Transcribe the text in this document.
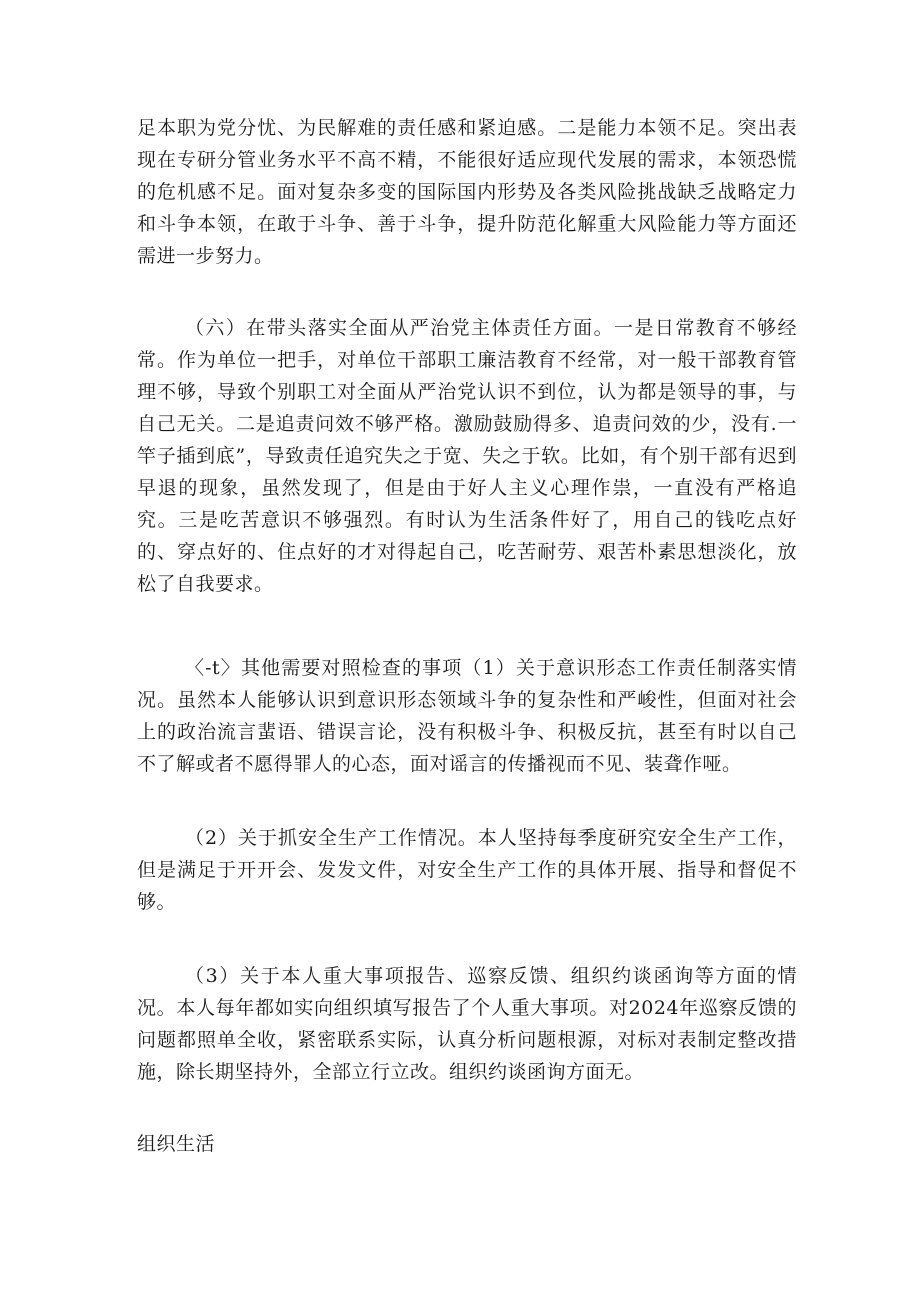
足本职为党分忧、为民解难的责任感和紧迫感。二是能力本领不足。突出表现在专研分管业务水平不高不精，不能很好适应现代发展的需求，本领恐慌的危机感不足。面对复杂多变的国际国内形势及各类风险挑战缺乏战略定力和斗争本领，在敢于斗争、善于斗争，提升防范化解重大风险能力等方面还需进一步努力。

（六）在带头落实全面从严治党主体责任方面。一是日常教育不够经常。作为单位一把手，对单位干部职工廉洁教育不经常，对一般干部教育管理不够，导致个别职工对全面从严治党认识不到位，认为都是领导的事，与自己无关。二是追责问效不够严格。激励鼓励得多、追责问效的少，没有.一竿子插到底”，导致责任追究失之于宽、失之于软。比如，有个别干部有迟到早退的现象，虽然发现了，但是由于好人主义心理作祟，一直没有严格追究。三是吃苦意识不够强烈。有时认为生活条件好了，用自己的钱吃点好的、穿点好的、住点好的才对得起自己，吃苦耐劳、艰苦朴素思想淡化，放松了自我要求。

〈-t〉其他需要对照检查的事项（1）关于意识形态工作责任制落实情况。虽然本人能够认识到意识形态领域斗争的复杂性和严峻性，但面对社会上的政治流言蜚语、错误言论，没有积极斗争、积极反抗，甚至有时以自己不了解或者不愿得罪人的心态，面对谣言的传播视而不见、装聋作哑。

（2）关于抓安全生产工作情况。本人坚持每季度研究安全生产工作，但是满足于开开会、发发文件，对安全生产工作的具体开展、指导和督促不够。

（3）关于本人重大事项报告、巡察反馈、组织约谈函询等方面的情况。本人每年都如实向组织填写报告了个人重大事项。对2024年巡察反馈的问题都照单全收，紧密联系实际，认真分析问题根源，对标对表制定整改措施，除长期坚持外，全部立行立改。组织约谈函询方面无。

组织生活
